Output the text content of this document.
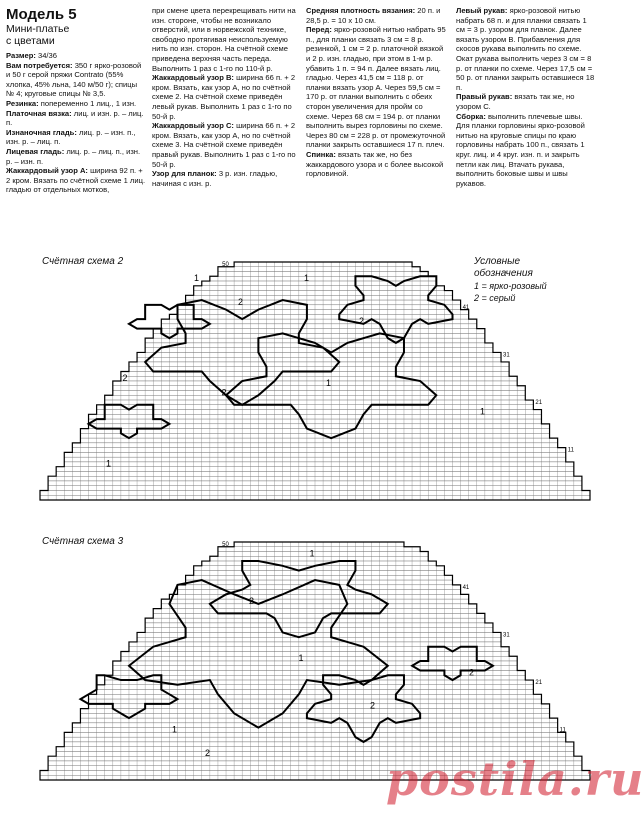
Модель 5
Мини-платье
с цветами

Размер: 34/36

Вам потребуется: 350 г ярко-розовой и 50 г серой пряжи Contrato (55% хлопка, 45% льна, 140 м/50 г); спицы № 4; круговые спицы № 3,5.

Резинка: попеременно 1 лиц., 1 изн.

Платочная вязка: лиц. и изн. р. – лиц. п.

Изнаночная гладь: лиц. р. – изн. п., изн. р. – лиц. п.

Лицевая гладь: лиц. р. – лиц. п., изн. р. – изн. п.

Жаккардовый узор А: ширина 92 п. + 2 кром. Вязать по счётной схеме 1 лиц. гладью от отдельных мотков,

при смене цвета перекрещивать нити на изн. стороне, чтобы не возникало отверстий, или в норвежской технике, свободно протягивая неиспользуемую нить по изн. сторон. На счётной схеме приведена верхняя часть переда. Выполнить 1 раз с 1-го по 110-й р.

Жаккардовый узор В: ширина 66 п. + 2 кром. Вязать, как узор А, но по счётной схеме 2. На счётной схеме приведён левый рукав. Выполнить 1 раз с 1-го по 50-й р.

Жаккардовый узор С: ширина 66 п. + 2 кром. Вязать, как узор А, но по счётной схеме 3. На счётной схеме приведён правый рукав. Выполнить 1 раз с 1-го по 50-й р.

Узор для планок: 3 р. изн. гладью, начиная с изн. р.

Средняя плотность вязания: 20 п. и 28,5 р. = 10 х 10 см.

Перед: ярко-розовой нитью набрать 95 п., для планки связать 3 см = 8 р. резинкой, 1 см = 2 р. платочной вязкой и 2 р. изн. гладью, при этом в 1-м р. убавить 1 п. = 94 п. Далее вязать лиц. гладью. Через 41,5 см = 118 р. от планки вязать узор А. Через 59,5 см = 170 р. от планки выполнить с обеих сторон увеличения для пройм со схеме. Через 68 см = 194 р. от планки выполнить вырез горловины по схеме. Через 80 см = 228 р. от промежуточной планки закрыть оставшиеся 17 п. плеч.

Спинка: вязать так же, но без жаккардового узора и с более высокой горловиной.

Левый рукав: ярко-розовой нитью набрать 68 п. и для планки связать 1 см = 3 р. узором для планок. Далее вязать узором В. Прибавления для скосов рукава выполнить по схеме. Окат рукава выполнить через 3 см = 8 р. от планки по схеме. Через 17,5 см = 50 р. от планки закрыть оставшиеся 18 п.

Правый рукав: вязать так же, но узором С.

Сборка: выполнить плечевые швы. Для планки горловины ярко-розовой нитью на круговые спицы по краю горловины набрать 100 п., связать 1 круг. лиц. и 4 круг. изн. п. и закрыть петли как лиц. Втачать рукава, выполнить боковые швы и швы рукавов.

Счётная схема 2
Счётная схема 3
Условные
обозначения
1 = ярко-розовый
2 = серый
50
41
31
21
11
1
1
2
2
2	1
1
1
2
50
41
31
21
11
1
2
1
2
1
2
2	postila.ru
